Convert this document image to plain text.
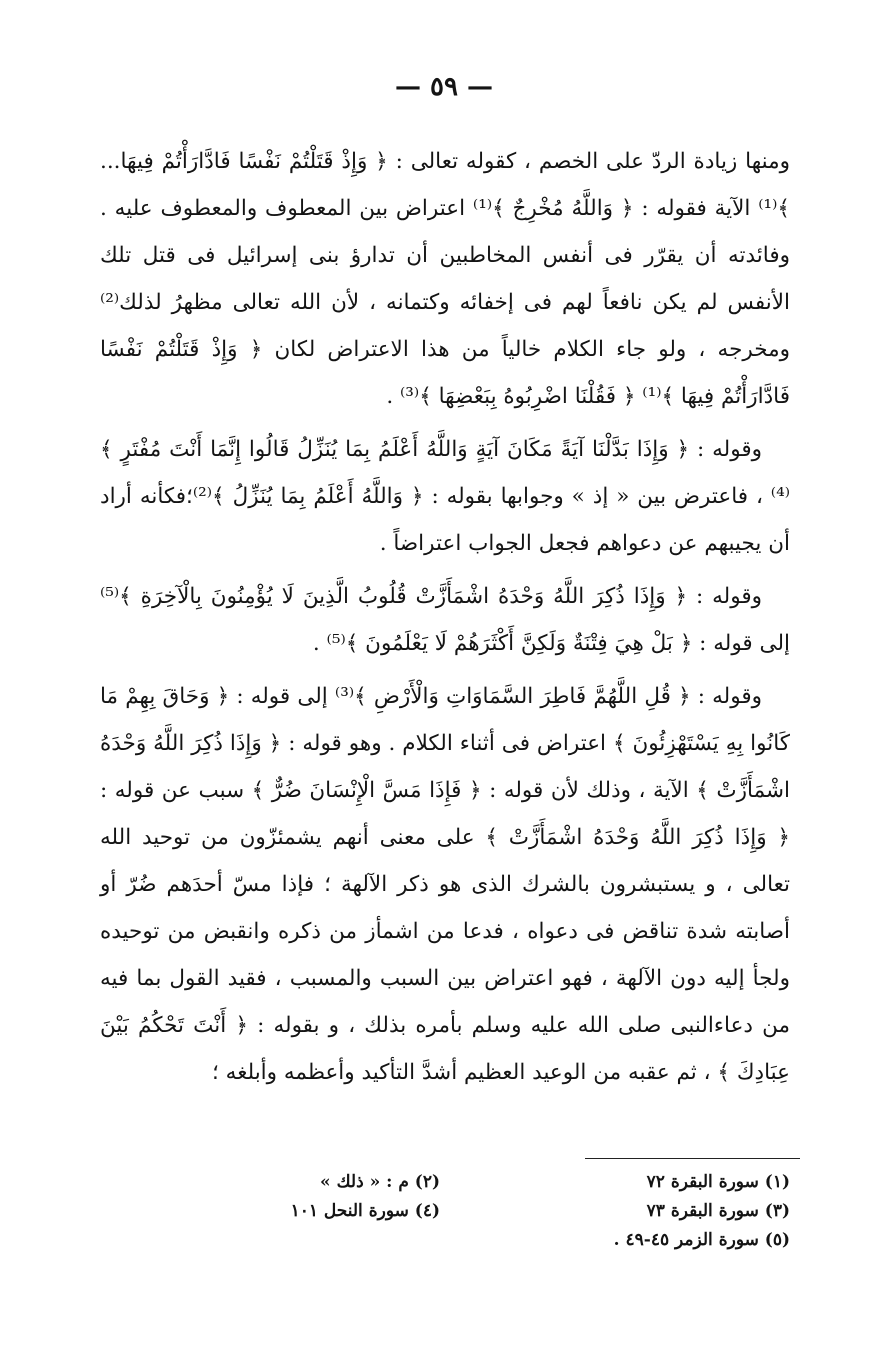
— ٥٩ —

ومنها زيادة الردّ على الخصم ، كقوله تعالى : ﴿ وَإِذْ قَتَلْتُمْ نَفْسًا فَادَّارَأْتُمْ فِيهَا... ﴾⁽¹⁾ الآية فقوله : ﴿ وَاللَّهُ مُخْرِجٌ ﴾⁽¹⁾ اعتراض بين المعطوف والمعطوف عليه . وفائدته أن يقرّر فى أنفس المخاطبين أن تدارؤ بنى إسرائيل فى قتل تلك الأنفس لم يكن نافعاً لهم فى إخفائه وكتمانه ، لأن الله تعالى مظهرُ لذلك⁽²⁾ ومخرجه ، ولو جاء الكلام خالياً من هذا الاعتراض لكان ﴿ وَإِذْ قَتَلْتُمْ نَفْسًا فَادَّارَأْتُمْ فِيهَا ﴾⁽¹⁾ ﴿ فَقُلْنَا اضْرِبُوهُ بِبَعْضِهَا ﴾⁽³⁾ .

وقوله : ﴿ وَإِذَا بَدَّلْنَا آيَةً مَكَانَ آيَةٍ وَاللَّهُ أَعْلَمُ بِمَا يُنَزِّلُ قَالُوا إِنَّمَا أَنْتَ مُفْتَرٍ ﴾⁽⁴⁾ ، فاعترض بين « إذ » وجوابها بقوله : ﴿ وَاللَّهُ أَعْلَمُ بِمَا يُنَزِّلُ ﴾⁽²⁾؛فكأنه أراد أن يجيبهم عن دعواهم فجعل الجواب اعتراضاً .

وقوله : ﴿ وَإِذَا ذُكِرَ اللَّهُ وَحْدَهُ اشْمَأَزَّتْ قُلُوبُ الَّذِينَ لَا يُؤْمِنُونَ بِالْآخِرَةِ ﴾⁽⁵⁾ إلى قوله : ﴿ بَلْ هِيَ فِتْنَةٌ وَلَكِنَّ أَكْثَرَهُمْ لَا يَعْلَمُونَ ﴾⁽⁵⁾ .

وقوله : ﴿ قُلِ اللَّهُمَّ فَاطِرَ السَّمَاوَاتِ وَالْأَرْضِ ﴾⁽³⁾ إلى قوله : ﴿ وَحَاقَ بِهِمْ مَا كَانُوا بِهِ يَسْتَهْزِئُونَ ﴾ اعتراض فى أثناء الكلام . وهو قوله : ﴿ وَإِذَا ذُكِرَ اللَّهُ وَحْدَهُ اشْمَأَزَّتْ ﴾ الآية ، وذلك لأن قوله : ﴿ فَإِذَا مَسَّ الْإِنْسَانَ ضُرٌّ ﴾ سبب عن قوله : ﴿ وَإِذَا ذُكِرَ اللَّهُ وَحْدَهُ اشْمَأَزَّتْ ﴾ على معنى أنهم يشمئزّون من توحيد الله تعالى ، و يستبشرون بالشرك الذى هو ذكر الآلهة ؛ فإذا مسّ أحدَهم ضُرّ أو أصابته شدة تناقض فى دعواه ، فدعا من اشمأز من ذكره وانقبض من توحيده ولجأ إليه دون الآلهة ، فهو اعتراض بين السبب والمسبب ، فقيد القول بما فيه من دعاءالنبى صلى الله عليه وسلم بأمره بذلك ، و بقوله : ﴿ أَنْتَ تَحْكُمُ بَيْنَ عِبَادِكَ ﴾ ، ثم عقبه من الوعيد العظيم أشدَّ التأكيد وأعظمه وأبلغه ؛

(١) سورة البقرة ٧٢
(٣) سورة البقرة ٧٣
(٥) سورة الزمر ٤٥-٤٩ .
(٢) م : « ذلك »
(٤) سورة النحل ١٠١
